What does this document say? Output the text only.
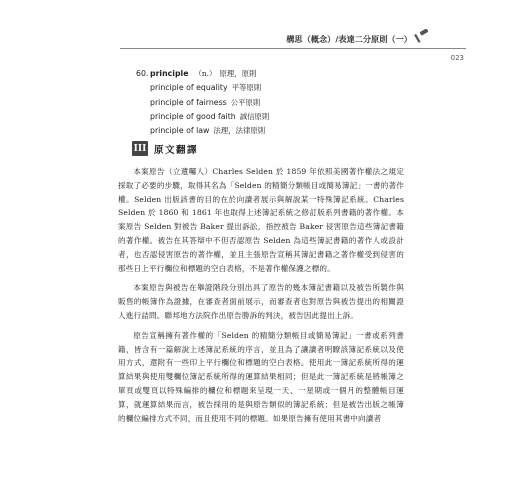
構思（概念）/表達二分原則（一）
023
60. principle （n.） 原理，原則
principle of equality 平等原則
principle of fairness 公平原則
principle of good faith 誠信原則
principle of law 法理，法律原則
III 原文翻譯

本案原告（立遺囑人）Charles Selden 於 1859 年依照美國著作權法之規定採取了必要的步驟，取得其名為「Selden 的精簡分類帳目或簡易簿記」一書的著作權。Selden 出版該書的目的在於向讀者展示與解說某一特殊簿記系統。Charles Selden 於 1860 和 1861 年也取得上述簿記系統之修訂版系列書籍的著作權。本案原告 Selden 對被告 Baker 提出訴訟，指控被告 Baker 侵害原告這些簿記書籍的著作權。被告在其答辯中不但否認原告 Selden 為這些簿記書籍的著作人或設計者，也否認侵害原告的著作權，並且主張原告宣稱其簿記書籍之著作權受到侵害的那些日上平行欄位和標題的空白表格，不是著作權保護之標的。

本案原告與被告在舉證階段分別出具了原告的幾本簿記書籍以及被告所製作與販售的帳簿作為證據，在審查者面前展示，而審查者也對原告與被告提出的相關證人進行詰問。聯邦地方法院作出原告勝訴的判決，被告因此提出上訴。

原告宣稱擁有著作權的「Selden 的精簡分類帳目或簡易簿記」一書或系列書籍，皆含有一篇解說上述簿記系統的序言，並且為了讓讀者明瞭該簿記系統以及使用方式，還附有一些印上平行欄位和標題的空白表格。使用此一簿記系統所得的運算結果與使用雙欄位簿記系統所得的運算結果相同；但是此一簿記系統是將帳簿之單頁或雙頁以特殊編排的欄位和標題來呈現一天、一星期或一個月的整體帳目運算，就運算結果而言，被告採用的是與原告類似的簿記系統；但是被告出版之帳簿的欄位編排方式不同，而且使用不同的標題。如果原告擁有使用其書中向讀者
